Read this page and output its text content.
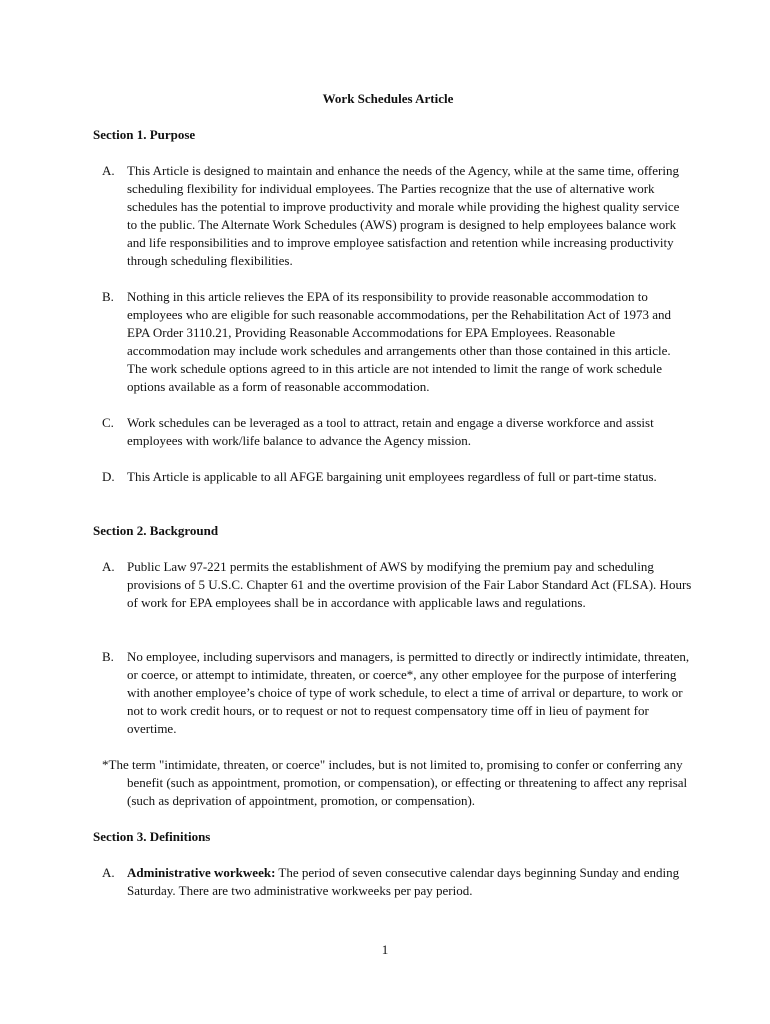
Work Schedules Article
Section 1. Purpose
A. This Article is designed to maintain and enhance the needs of the Agency, while at the same time, offering scheduling flexibility for individual employees. The Parties recognize that the use of alternative work schedules has the potential to improve productivity and morale while providing the highest quality service to the public. The Alternate Work Schedules (AWS) program is designed to help employees balance work and life responsibilities and to improve employee satisfaction and retention while increasing productivity through scheduling flexibilities.
B. Nothing in this article relieves the EPA of its responsibility to provide reasonable accommodation to employees who are eligible for such reasonable accommodations, per the Rehabilitation Act of 1973 and EPA Order 3110.21, Providing Reasonable Accommodations for EPA Employees. Reasonable accommodation may include work schedules and arrangements other than those contained in this article. The work schedule options agreed to in this article are not intended to limit the range of work schedule options available as a form of reasonable accommodation.
C. Work schedules can be leveraged as a tool to attract, retain and engage a diverse workforce and assist employees with work/life balance to advance the Agency mission.
D. This Article is applicable to all AFGE bargaining unit employees regardless of full or part-time status.
Section 2. Background
A. Public Law 97-221 permits the establishment of AWS by modifying the premium pay and scheduling provisions of 5 U.S.C. Chapter 61 and the overtime provision of the Fair Labor Standard Act (FLSA). Hours of work for EPA employees shall be in accordance with applicable laws and regulations.
B. No employee, including supervisors and managers, is permitted to directly or indirectly intimidate, threaten, or coerce, or attempt to intimidate, threaten, or coerce*, any other employee for the purpose of interfering with another employee’s choice of type of work schedule, to elect a time of arrival or departure, to work or not to work credit hours, or to request or not to request compensatory time off in lieu of payment for overtime.
*The term "intimidate, threaten, or coerce" includes, but is not limited to, promising to confer or conferring any benefit (such as appointment, promotion, or compensation), or effecting or threatening to affect any reprisal (such as deprivation of appointment, promotion, or compensation).
Section 3. Definitions
A. Administrative workweek: The period of seven consecutive calendar days beginning Sunday and ending Saturday. There are two administrative workweeks per pay period.
1
